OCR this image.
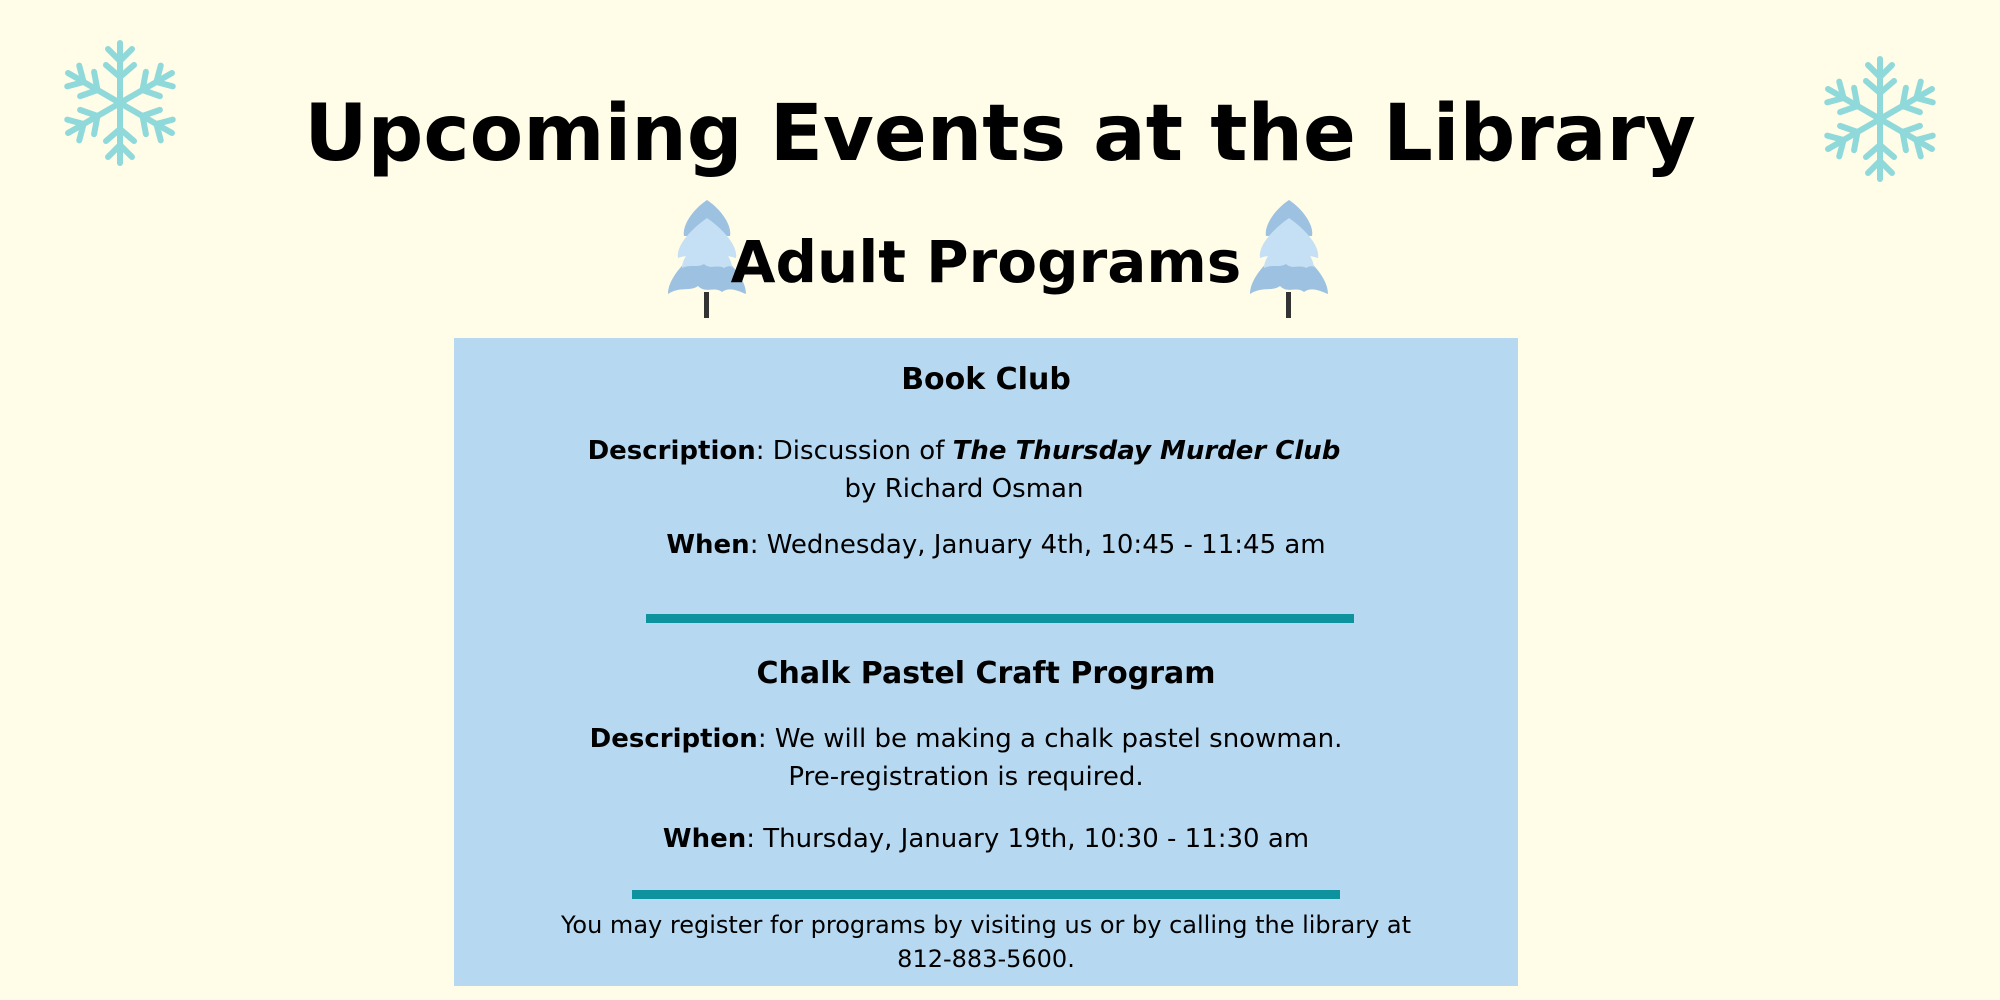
Upcoming Events at the Library
Adult Programs
Book Club

Description: Discussion of The Thursday Murder Club by Richard Osman

When: Wednesday, January 4th, 10:45 - 11:45 am

Chalk Pastel Craft Program

Description: We will be making a chalk pastel snowman. Pre-registration is required.

When: Thursday, January 19th, 10:30 - 11:30 am

You may register for programs by visiting us or by calling the library at 812-883-5600.
